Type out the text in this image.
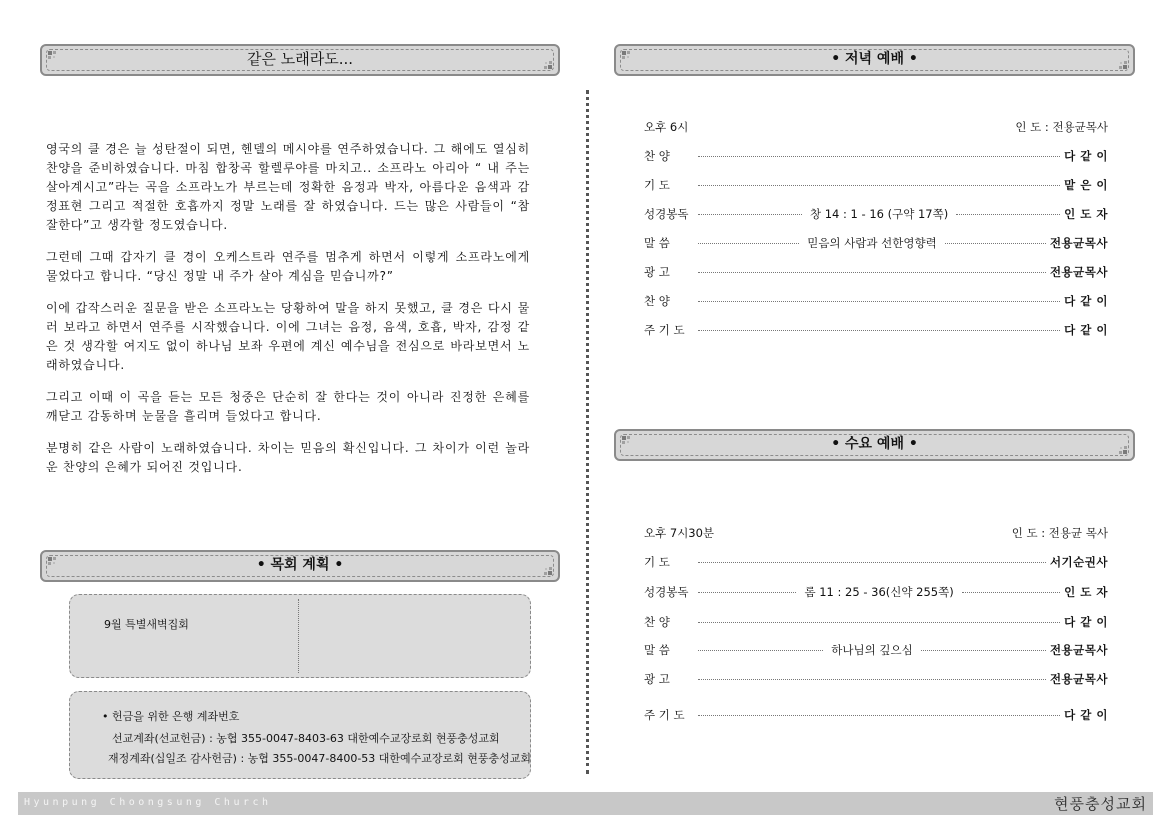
같은 노래라도...

영국의 클 경은 늘 성탄절이 되면, 헨델의 메시야를 연주하였습니다. 그 해에도 열심히 찬양을 준비하였습니다. 마침 합창곡 할렐루야를 마치고.. 소프라노 아리아 “ 내 주는 살아계시고”라는 곡을 소프라노가 부르는데 정확한 음정과 박자, 아름다운 음색과 감정표현 그리고 적절한 호흡까지 정말 노래를 잘 하였습니다. 드는 많은 사람들이 “참 잘한다”고 생각할 정도였습니다.

그런데 그때 갑자기 클 경이 오케스트라 연주를 멈추게 하면서 이렇게 소프라노에게 물었다고 합니다. “당신 정말 내 주가 살아 계심을 믿습니까?”

이에 갑작스러운 질문을 받은 소프라노는 당황하여 말을 하지 못했고, 클 경은 다시 물러 보라고 하면서 연주를 시작했습니다. 이에 그녀는 음정, 음색, 호흡, 박자, 감정 같은 것 생각할 여지도 없이 하나님 보좌 우편에 계신 예수님을 전심으로 바라보면서 노래하였습니다.

그리고 이때 이 곡을 듣는 모든 청중은 단순히 잘 한다는 것이 아니라 진정한 은혜를 깨닫고 감동하며 눈물을 흘리며 들었다고 합니다.

분명히 같은 사람이 노래하였습니다. 차이는 믿음의 확신입니다. 그 차이가 이런 놀라운 찬양의 은혜가 되어진 것입니다.

• 목회 계획 •
9월 특별새벽집회
• 헌금을 위한 은행 계좌번호
선교계좌(선교헌금) : 농협 355-0047-8403-63 대한예수교장로회 현풍충성교회
재정계좌(십일조 감사헌금) : 농협 355-0047-8400-53 대한예수교장로회 현풍충성교회
• 저녁 예배 •
오후 6시	인 도 : 전용균목사
찬 양	다 같 이
기 도	맡 은 이
성경봉독	창 14 : 1 - 16 (구약 17쪽)	인 도 자
말 씀	믿음의 사람과 선한영향력	전용균목사
광 고	전용균목사
찬 양	다 같 이
주 기 도	다 같 이
• 수요 예배 •
오후 7시30분	인 도 : 전용균 목사
기 도	서기순권사
성경봉독	롬 11 : 25 - 36(신약 255쪽)	인 도 자
찬 양	다 같 이
말 씀	하나님의 깊으심	전용균목사
광 고	전용균목사
주 기 도	다 같 이
Hyunpung Choongsung Church	현풍충성교회
